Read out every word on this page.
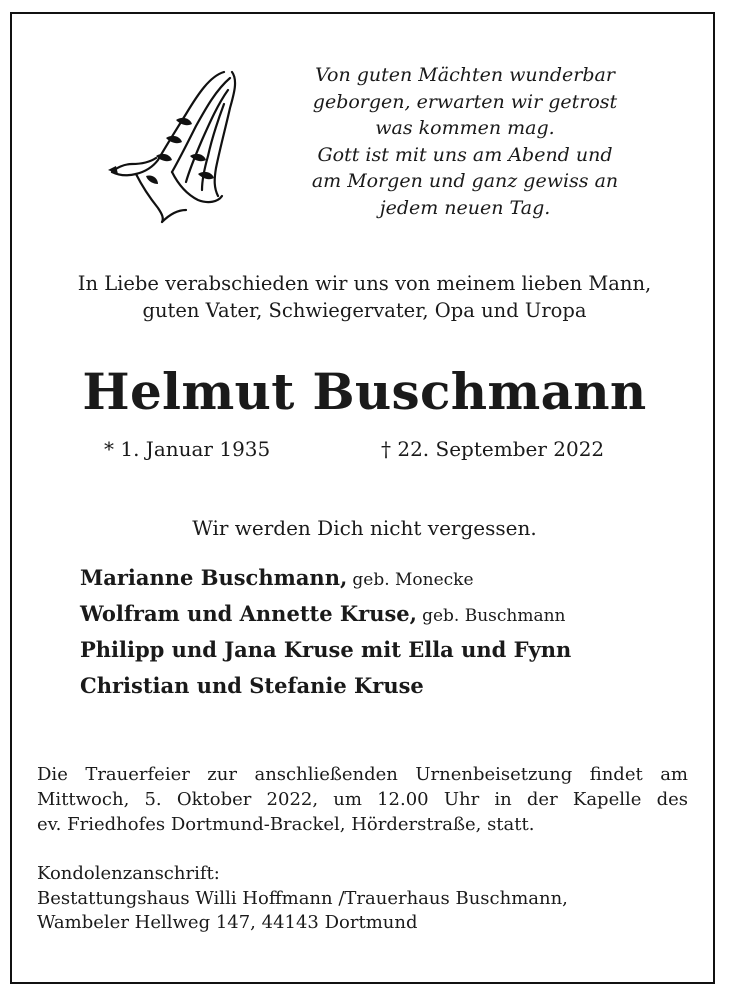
Von guten Mächten wunderbar
geborgen, erwarten wir getrost
was kommen mag.
Gott ist mit uns am Abend und
am Morgen und ganz gewiss an
jedem neuen Tag.
In Liebe verabschieden wir uns von meinem lieben Mann,
guten Vater, Schwiegervater, Opa und Uropa
Helmut Buschmann
* 1. Januar 1935	† 22. September 2022
Wir werden Dich nicht vergessen.
Marianne Buschmann, geb. Monecke
Wolfram und Annette Kruse, geb. Buschmann
Philipp und Jana Kruse mit Ella und Fynn
Christian und Stefanie Kruse
Die Trauerfeier zur anschließenden Urnenbeisetzung findet am
Mittwoch, 5. Oktober 2022, um 12.00 Uhr in der Kapelle des
ev. Friedhofes Dortmund-Brackel, Hörderstraße, statt.
Kondolenzanschrift:
Bestattungshaus Willi Hoffmann /Trauerhaus Buschmann,
Wambeler Hellweg 147, 44143 Dortmund
